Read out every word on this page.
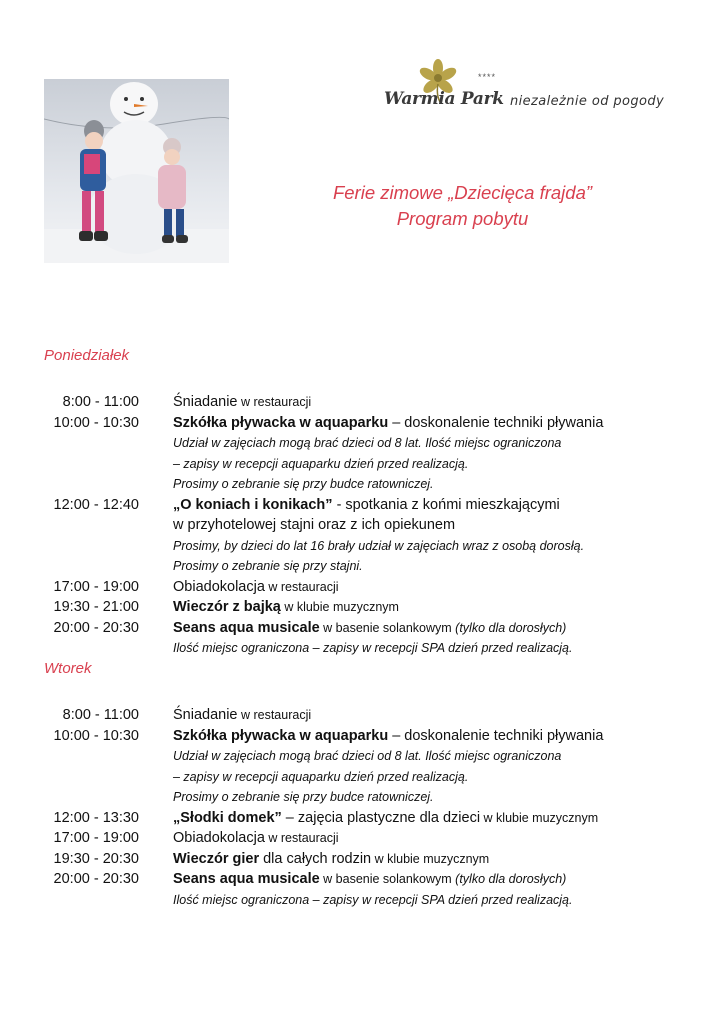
****
Warmia Park niezależnie od pogody
Ferie zimowe „Dziecięca frajda”
Program pobytu
Poniedziałek
8:00 - 11:00 Śniadanie w restauracji
10:00 - 10:30 Szkółka pływacka w aquaparku – doskonalenie techniki pływania
Udział w zajęciach mogą brać dzieci od 8 lat. Ilość miejsc ograniczona
– zapisy w recepcji aquaparku dzień przed realizacją.
Prosimy o zebranie się przy budce ratowniczej.
12:00 - 12:40 „O koniach i konikach” - spotkania z końmi mieszkającymi
w przyhotelowej stajni oraz z ich opiekunem
Prosimy, by dzieci do lat 16 brały udział w zajęciach wraz z osobą dorosłą.
Prosimy o zebranie się przy stajni.
17:00 - 19:00 Obiadokolacja w restauracji
19:30 - 21:00 Wieczór z bajką w klubie muzycznym
20:00 - 20:30 Seans aqua musicale w basenie solankowym (tylko dla dorosłych)
Ilość miejsc ograniczona – zapisy w recepcji SPA dzień przed realizacją.
Wtorek
8:00 - 11:00 Śniadanie w restauracji
10:00 - 10:30 Szkółka pływacka w aquaparku – doskonalenie techniki pływania
Udział w zajęciach mogą brać dzieci od 8 lat. Ilość miejsc ograniczona
– zapisy w recepcji aquaparku dzień przed realizacją.
Prosimy o zebranie się przy budce ratowniczej.
12:00 - 13:30 „Słodki domek” – zajęcia plastyczne dla dzieci w klubie muzycznym
17:00 - 19:00 Obiadokolacja w restauracji
19:30 - 20:30 Wieczór gier dla całych rodzin w klubie muzycznym
20:00 - 20:30 Seans aqua musicale w basenie solankowym (tylko dla dorosłych)
Ilość miejsc ograniczona – zapisy w recepcji SPA dzień przed realizacją.
